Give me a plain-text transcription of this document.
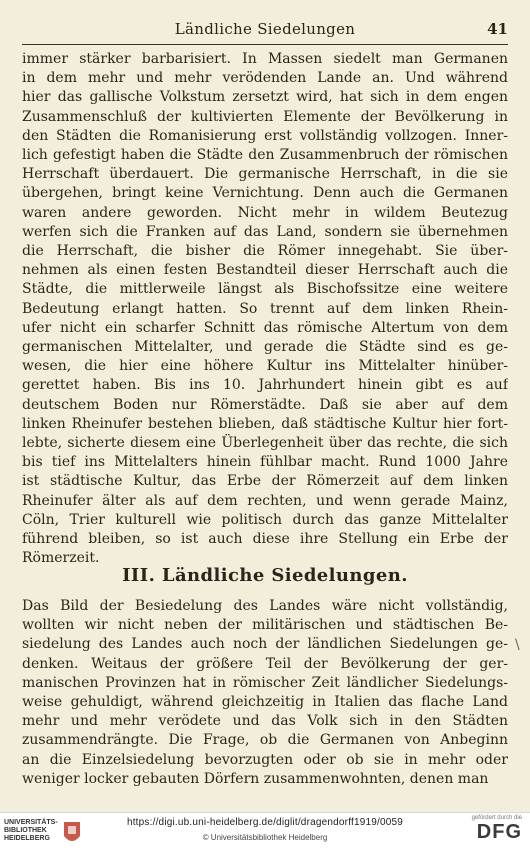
Ländliche Siedelungen	41
immer stärker barbarisiert. In Massen siedelt man Germanen
in dem mehr und mehr verödenden Lande an. Und während
hier das gallische Volkstum zersetzt wird, hat sich in dem engen
Zusammenschluß der kultivierten Elemente der Bevölkerung in
den Städten die Romanisierung erst vollständig vollzogen. Inner-
lich gefestigt haben die Städte den Zusammenbruch der römischen
Herrschaft überdauert. Die germanische Herrschaft, in die sie
übergehen, bringt keine Vernichtung. Denn auch die Germanen
waren andere geworden. Nicht mehr in wildem Beutezug
werfen sich die Franken auf das Land, sondern sie übernehmen
die Herrschaft, die bisher die Römer innegehabt. Sie über-
nehmen als einen festen Bestandteil dieser Herrschaft auch die
Städte, die mittlerweile längst als Bischofssitze eine weitere
Bedeutung erlangt hatten. So trennt auf dem linken Rhein-
ufer nicht ein scharfer Schnitt das römische Altertum von dem
germanischen Mittelalter, und gerade die Städte sind es ge-
wesen, die hier eine höhere Kultur ins Mittelalter hinüber-
gerettet haben. Bis ins 10. Jahrhundert hinein gibt es auf
deutschem Boden nur Römerstädte. Daß sie aber auf dem
linken Rheinufer bestehen blieben, daß städtische Kultur hier fort-
lebte, sicherte diesem eine Überlegenheit über das rechte, die sich
bis tief ins Mittelalters hinein fühlbar macht. Rund 1000 Jahre
ist städtische Kultur, das Erbe der Römerzeit auf dem linken
Rheinufer älter als auf dem rechten, und wenn gerade Mainz,
Cöln, Trier kulturell wie politisch durch das ganze Mittelalter
führend bleiben, so ist auch diese ihre Stellung ein Erbe der
Römerzeit.
III. Ländliche Siedelungen.
Das Bild der Besiedelung des Landes wäre nicht vollständig,
wollten wir nicht neben der militärischen und städtischen Be-
siedelung des Landes auch noch der ländlichen Siedelungen ge-
denken. Weitaus der größere Teil der Bevölkerung der ger-
manischen Provinzen hat in römischer Zeit ländlicher Siedelungs-
weise gehuldigt, während gleichzeitig in Italien das flache Land
mehr und mehr verödete und das Volk sich in den Städten
zusammendrängte. Die Frage, ob die Germanen von Anbeginn
an die Einzelsiedelung bevorzugten oder ob sie in mehr oder
weniger locker gebauten Dörfern zusammenwohnten, denen man
\
UNIVERSITÄTS-
BIBLIOTHEK
HEIDELBERG
https://digi.ub.uni-heidelberg.de/diglit/dragendorff1919/0059
© Universitätsbibliothek Heidelberg
gefördert durch die
DFG
